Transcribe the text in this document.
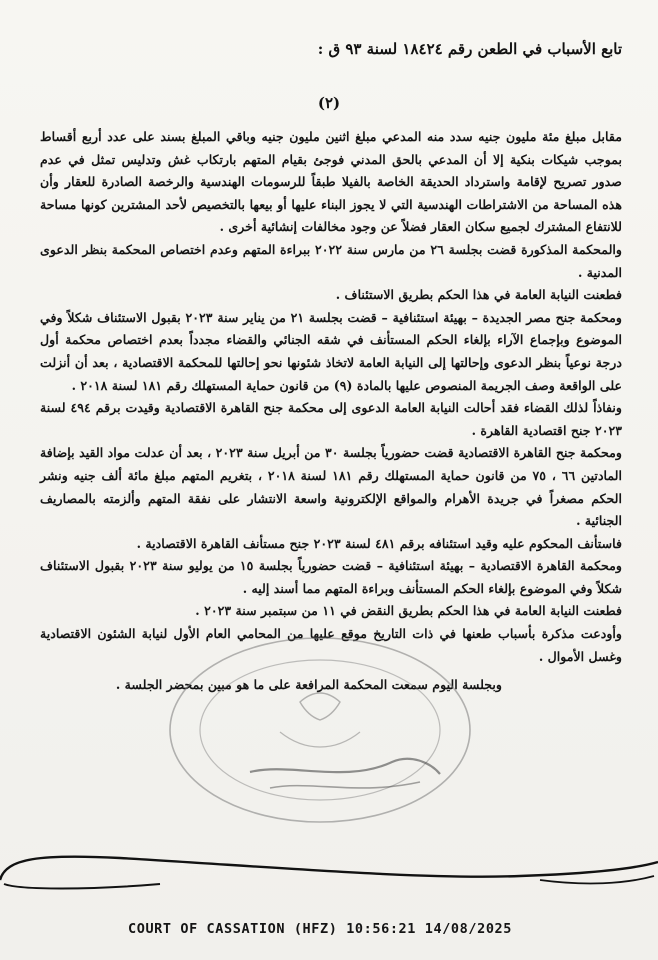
تابع الأسباب في الطعن رقم ١٨٤٢٤ لسنة ٩٣ ق :
(٢)

مقابل مبلغ مئة مليون جنيه سدد منه المدعي مبلغ اثنين مليون جنيه وباقي المبلغ بسند على عدد أربع أقساط بموجب شيكات بنكية إلا أن المدعي بالحق المدني فوجئ بقيام المتهم بارتكاب غش وتدليس تمثل في عدم صدور تصريح لإقامة واسترداد الحديقة الخاصة بالفيلا طبقاً للرسومات الهندسية والرخصة الصادرة للعقار وأن هذه المساحة من الاشتراطات الهندسية التي لا يجوز البناء عليها أو بيعها بالتخصيص لأحد المشترين كونها مساحة للانتفاع المشترك لجميع سكان العقار فضلاً عن وجود مخالفات إنشائية أخرى .

والمحكمة المذكورة قضت بجلسة ٢٦ من مارس سنة ٢٠٢٢ ببراءة المتهم وعدم اختصاص المحكمة بنظر الدعوى المدنية .

فطعنت النيابة العامة في هذا الحكم بطريق الاستئناف .

ومحكمة جنح مصر الجديدة – بهيئة استئنافية – قضت بجلسة ٢١ من يناير سنة ٢٠٢٣ بقبول الاستئناف شكلاً وفي الموضوع وبإجماع الآراء بإلغاء الحكم المستأنف في شقه الجنائي والقضاء مجدداً بعدم اختصاص محكمة أول درجة نوعياً بنظر الدعوى وإحالتها إلى النيابة العامة لاتخاذ شئونها نحو إحالتها للمحكمة الاقتصادية ، بعد أن أنزلت على الواقعة وصف الجريمة المنصوص عليها بالمادة (٩) من قانون حماية المستهلك رقم ١٨١ لسنة ٢٠١٨ .

ونفاذاً لذلك القضاء فقد أحالت النيابة العامة الدعوى إلى محكمة جنح القاهرة الاقتصادية وقيدت برقم ٤٩٤ لسنة ٢٠٢٣ جنح اقتصادية القاهرة .

ومحكمة جنح القاهرة الاقتصادية قضت حضورياً بجلسة ٣٠ من أبريل سنة ٢٠٢٣ ، بعد أن عدلت مواد القيد بإضافة المادتين ٦٦ ، ٧٥ من قانون حماية المستهلك رقم ١٨١ لسنة ٢٠١٨ ، بتغريم المتهم مبلغ مائة ألف جنيه ونشر الحكم مصغراً في جريدة الأهرام والمواقع الإلكترونية واسعة الانتشار على نفقة المتهم وألزمته بالمصاريف الجنائية .

فاستأنف المحكوم عليه وقيد استئنافه برقم ٤٨١ لسنة ٢٠٢٣ جنح مستأنف القاهرة الاقتصادية .

ومحكمة القاهرة الاقتصادية – بهيئة استئنافية – قضت حضورياً بجلسة ١٥ من يوليو سنة ٢٠٢٣ بقبول الاستئناف شكلاً وفي الموضوع بإلغاء الحكم المستأنف وبراءة المتهم مما أسند إليه .

فطعنت النيابة العامة في هذا الحكم بطريق النقض في ١١ من سبتمبر سنة ٢٠٢٣ .

وأودعت مذكرة بأسباب طعنها في ذات التاريخ موقع عليها من المحامي العام الأول لنيابة الشئون الاقتصادية وغسل الأموال .

وبجلسة اليوم سمعت المحكمة المرافعة على ما هو مبين بمحضر الجلسة .

COURT OF CASSATION (HFZ) 10:56:21 14/08/2025
